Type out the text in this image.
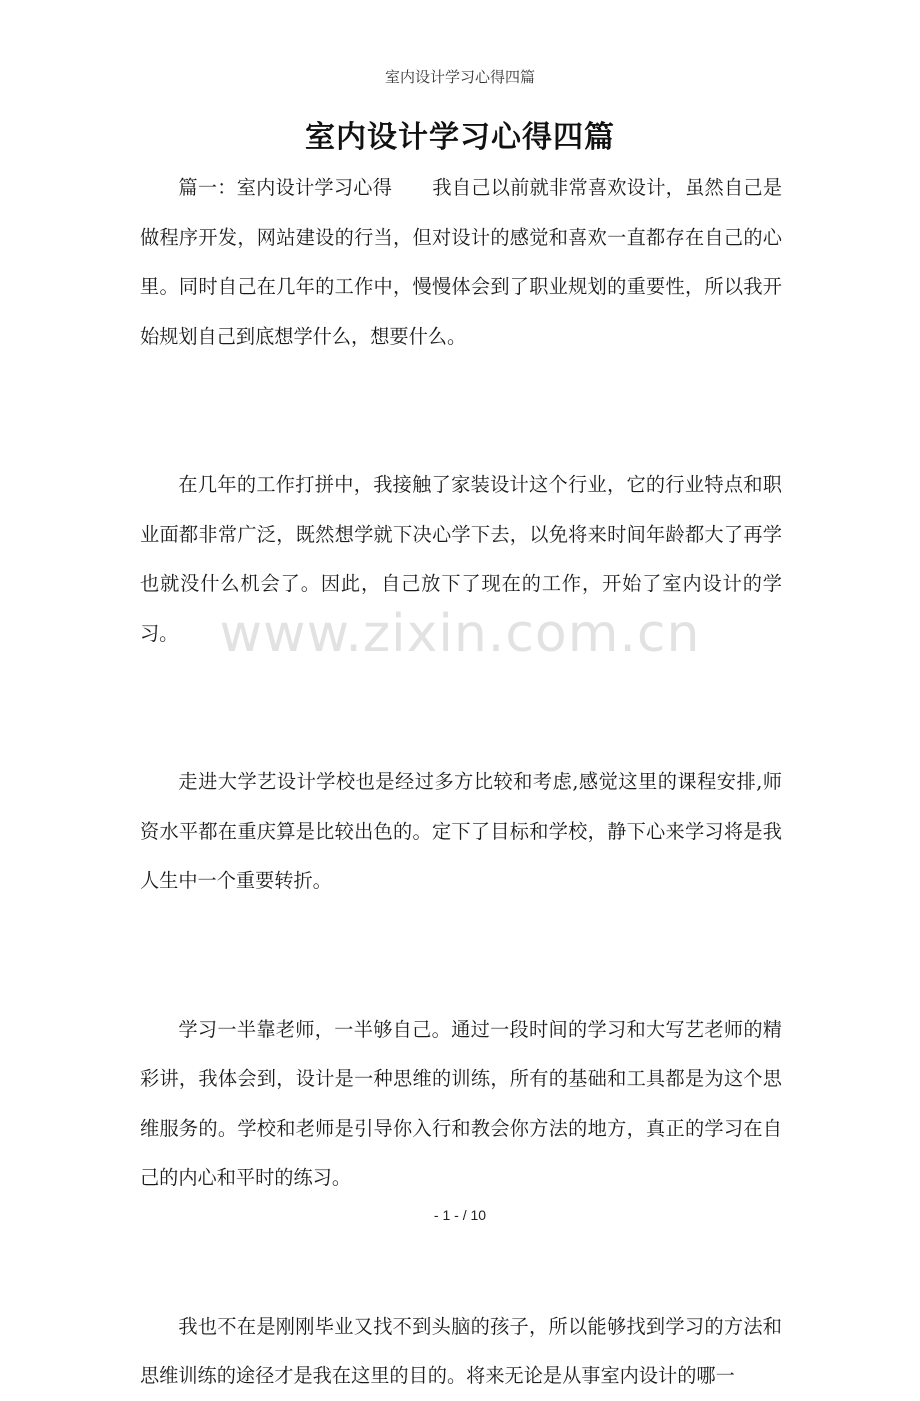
室内设计学习心得四篇
室内设计学习心得四篇

篇一：室内设计学习心得 我自己以前就非常喜欢设计，虽然自己是做程序开发，网站建设的行当，但对设计的感觉和喜欢一直都存在自己的心里。同时自己在几年的工作中，慢慢体会到了职业规划的重要性，所以我开始规划自己到底想学什么，想要什么。

在几年的工作打拼中，我接触了家装设计这个行业，它的行业特点和职业面都非常广泛，既然想学就下决心学下去，以免将来时间年龄都大了再学也就没什么机会了。因此，自己放下了现在的工作，开始了室内设计的学习。

走进大学艺设计学校也是经过多方比较和考虑,感觉这里的课程安排,师资水平都在重庆算是比较出色的。定下了目标和学校，静下心来学习将是我人生中一个重要转折。

学习一半靠老师，一半够自己。通过一段时间的学习和大写艺老师的精彩讲，我体会到，设计是一种思维的训练，所有的基础和工具都是为这个思维服务的。学校和老师是引导你入行和教会你方法的地方，真正的学习在自己的内心和平时的练习。

我也不在是刚刚毕业又找不到头脑的孩子，所以能够找到学习的方法和思维训练的途径才是我在这里的目的。将来无论是从事室内设计的哪一

www.zixin.com.cn
- 1 - / 10
